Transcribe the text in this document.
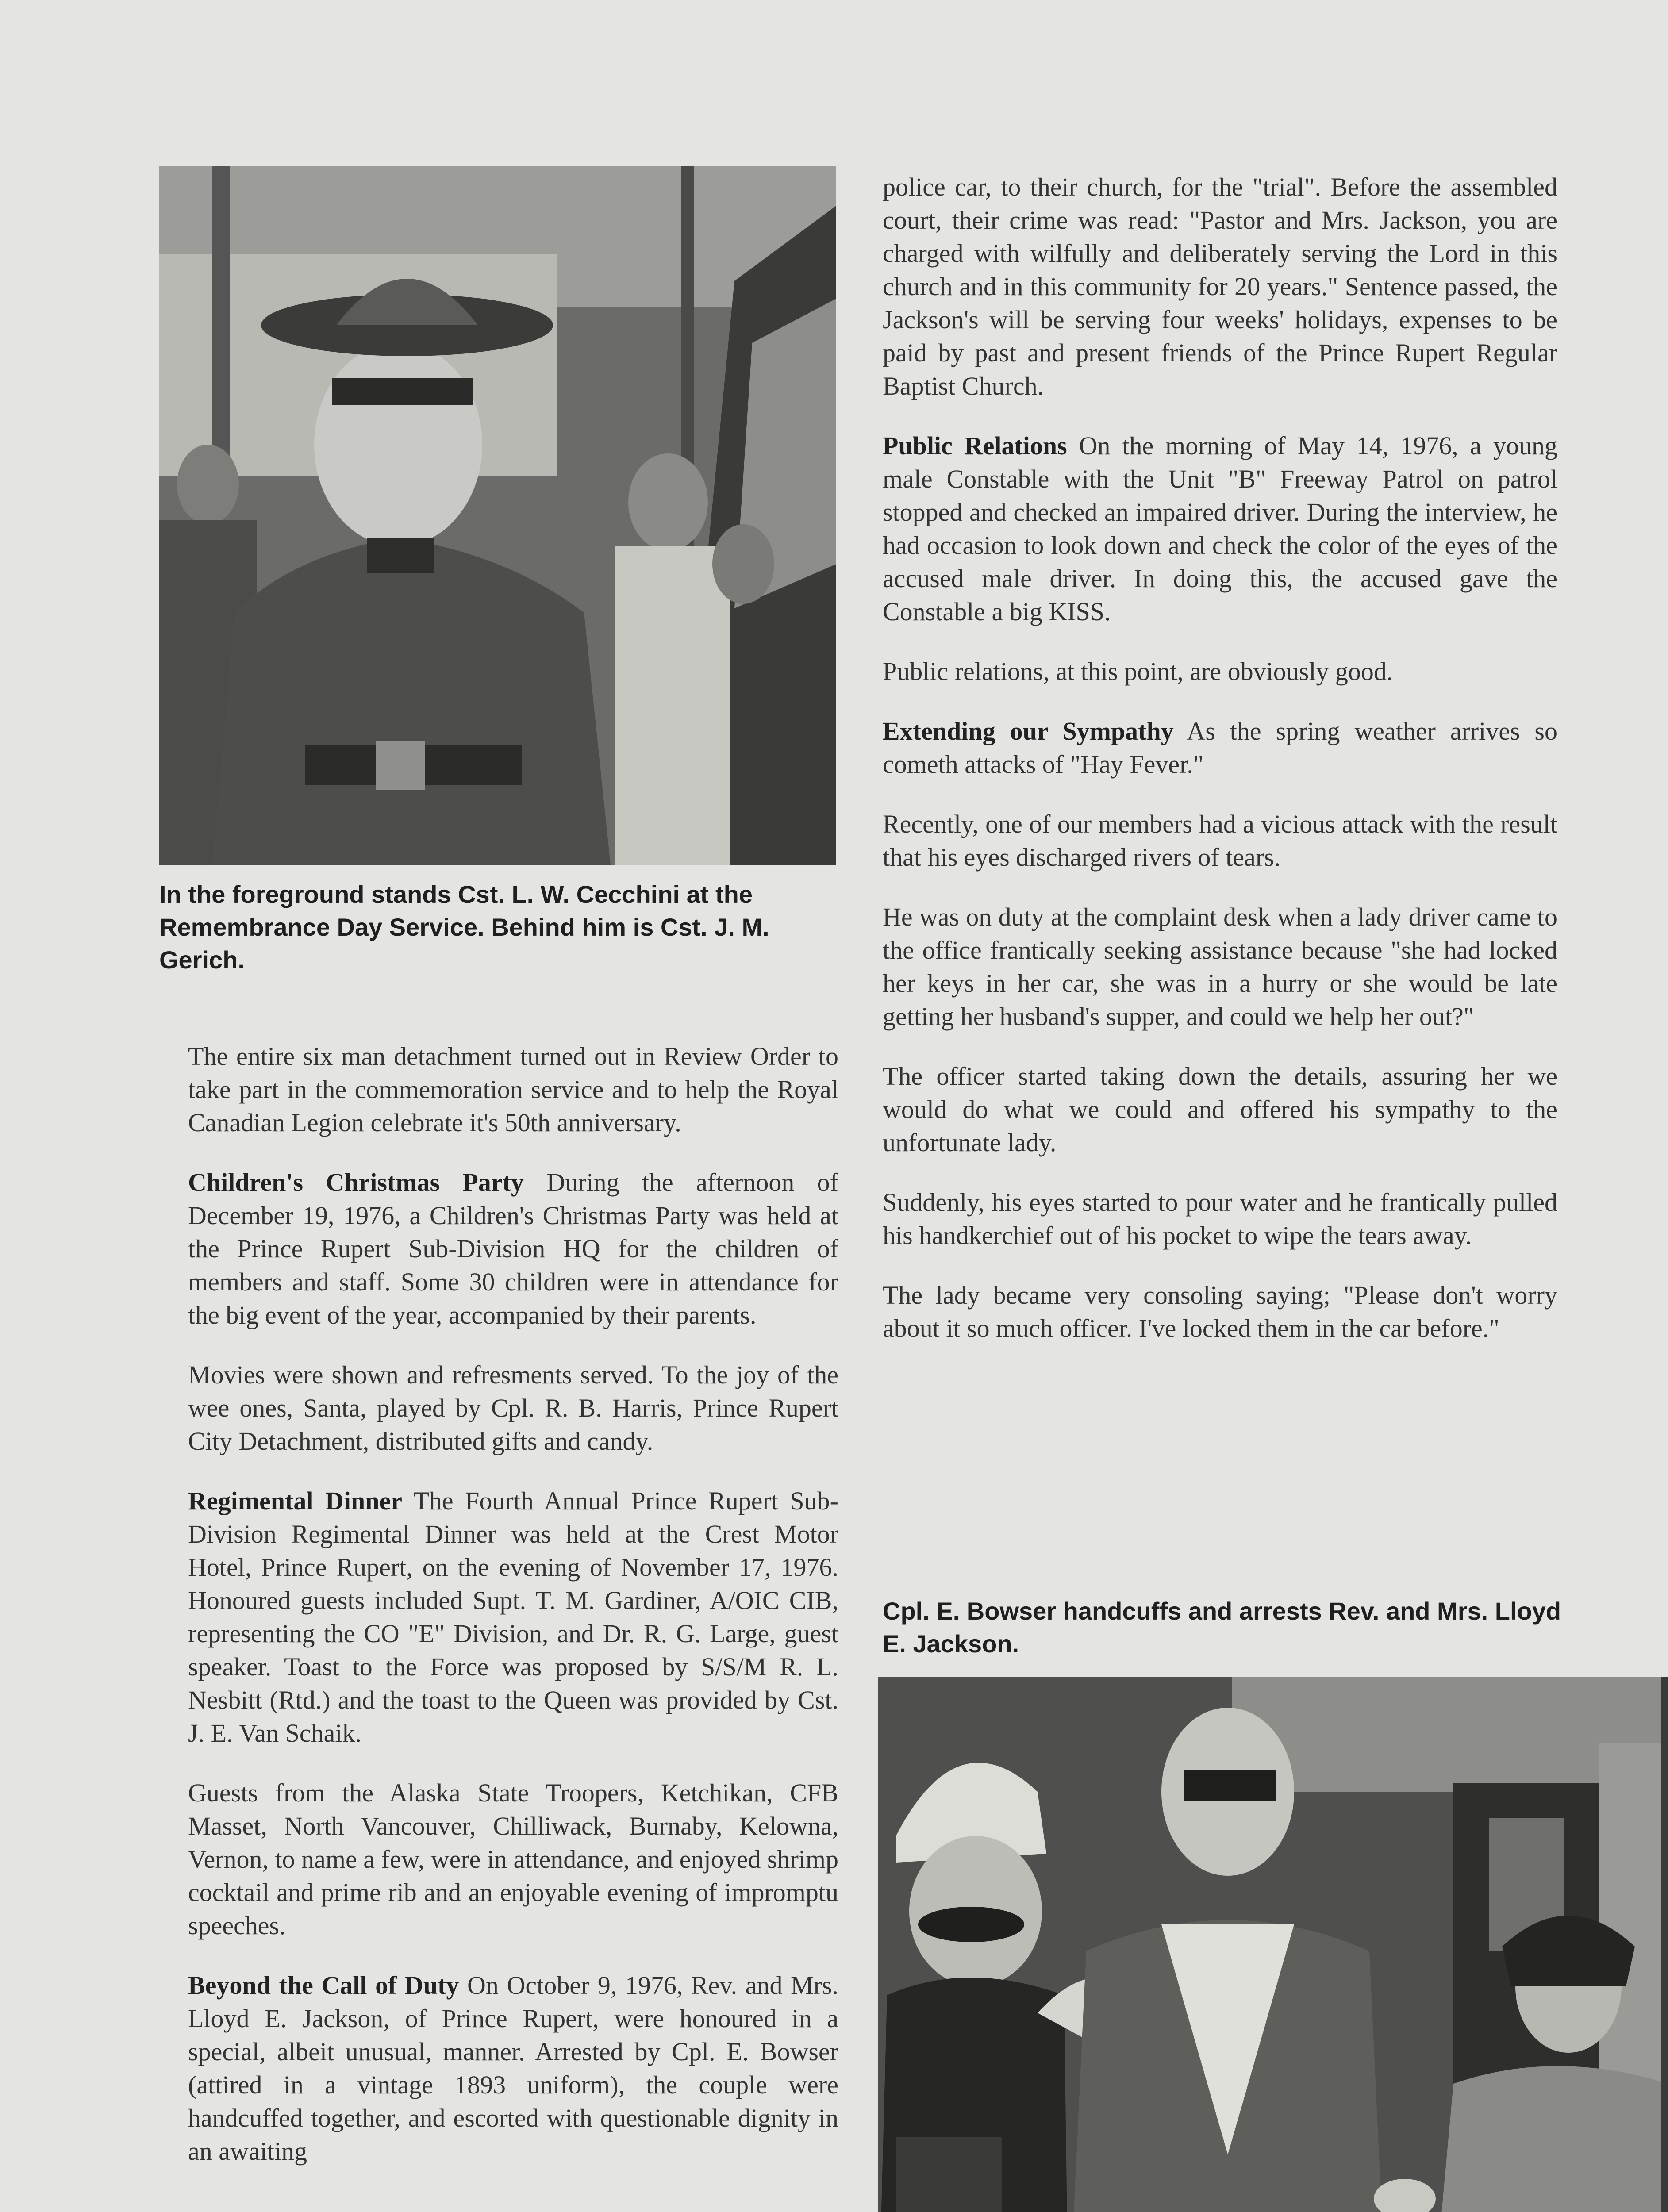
In the foreground stands Cst. L. W. Cecchini at the Remembrance Day Service. Behind him is Cst. J. M. Gerich.

The entire six man detachment turned out in Review Order to take part in the commemoration service and to help the Royal Canadian Legion celebrate it's 50th anniversary.

Children's Christmas Party During the afternoon of December 19, 1976, a Children's Christmas Party was held at the Prince Rupert Sub-Division HQ for the children of members and staff. Some 30 children were in attendance for the big event of the year, accompanied by their parents.

Movies were shown and refresments served. To the joy of the wee ones, Santa, played by Cpl. R. B. Harris, Prince Rupert City Detachment, distributed gifts and candy.

Regimental Dinner The Fourth Annual Prince Rupert Sub-Division Regimental Dinner was held at the Crest Motor Hotel, Prince Rupert, on the evening of November 17, 1976. Honoured guests included Supt. T. M. Gardiner, A/OIC CIB, representing the CO "E" Division, and Dr. R. G. Large, guest speaker. Toast to the Force was proposed by S/S/M R. L. Nesbitt (Rtd.) and the toast to the Queen was provided by Cst. J. E. Van Schaik.

Guests from the Alaska State Troopers, Ketchikan, CFB Masset, North Vancouver, Chilliwack, Burnaby, Kelowna, Vernon, to name a few, were in attendance, and enjoyed shrimp cocktail and prime rib and an enjoyable evening of impromptu speeches.

Beyond the Call of Duty On October 9, 1976, Rev. and Mrs. Lloyd E. Jackson, of Prince Rupert, were honoured in a special, albeit unusual, manner. Arrested by Cpl. E. Bowser (attired in a vintage 1893 uniform), the couple were handcuffed together, and escorted with questionable dignity in an awaiting

police car, to their church, for the "trial". Before the assembled court, their crime was read: "Pastor and Mrs. Jackson, you are charged with wilfully and deliberately serving the Lord in this church and in this community for 20 years." Sentence passed, the Jackson's will be serving four weeks' holidays, expenses to be paid by past and present friends of the Prince Rupert Regular Baptist Church.

Public Relations On the morning of May 14, 1976, a young male Constable with the Unit "B" Freeway Patrol on patrol stopped and checked an impaired driver. During the interview, he had occasion to look down and check the color of the eyes of the accused male driver. In doing this, the accused gave the Constable a big KISS.

Public relations, at this point, are obviously good.

Extending our Sympathy As the spring weather arrives so cometh attacks of "Hay Fever."

Recently, one of our members had a vicious attack with the result that his eyes discharged rivers of tears.

He was on duty at the complaint desk when a lady driver came to the office frantically seeking assistance because "she had locked her keys in her car, she was in a hurry or she would be late getting her husband's supper, and could we help her out?"

The officer started taking down the details, assuring her we would do what we could and offered his sympathy to the unfortunate lady.

Suddenly, his eyes started to pour water and he frantically pulled his handkerchief out of his pocket to wipe the tears away.

The lady became very consoling saying; "Please don't worry about it so much officer. I've locked them in the car before."

Cpl. E. Bowser handcuffs and arrests Rev. and Mrs. Lloyd E. Jackson.
